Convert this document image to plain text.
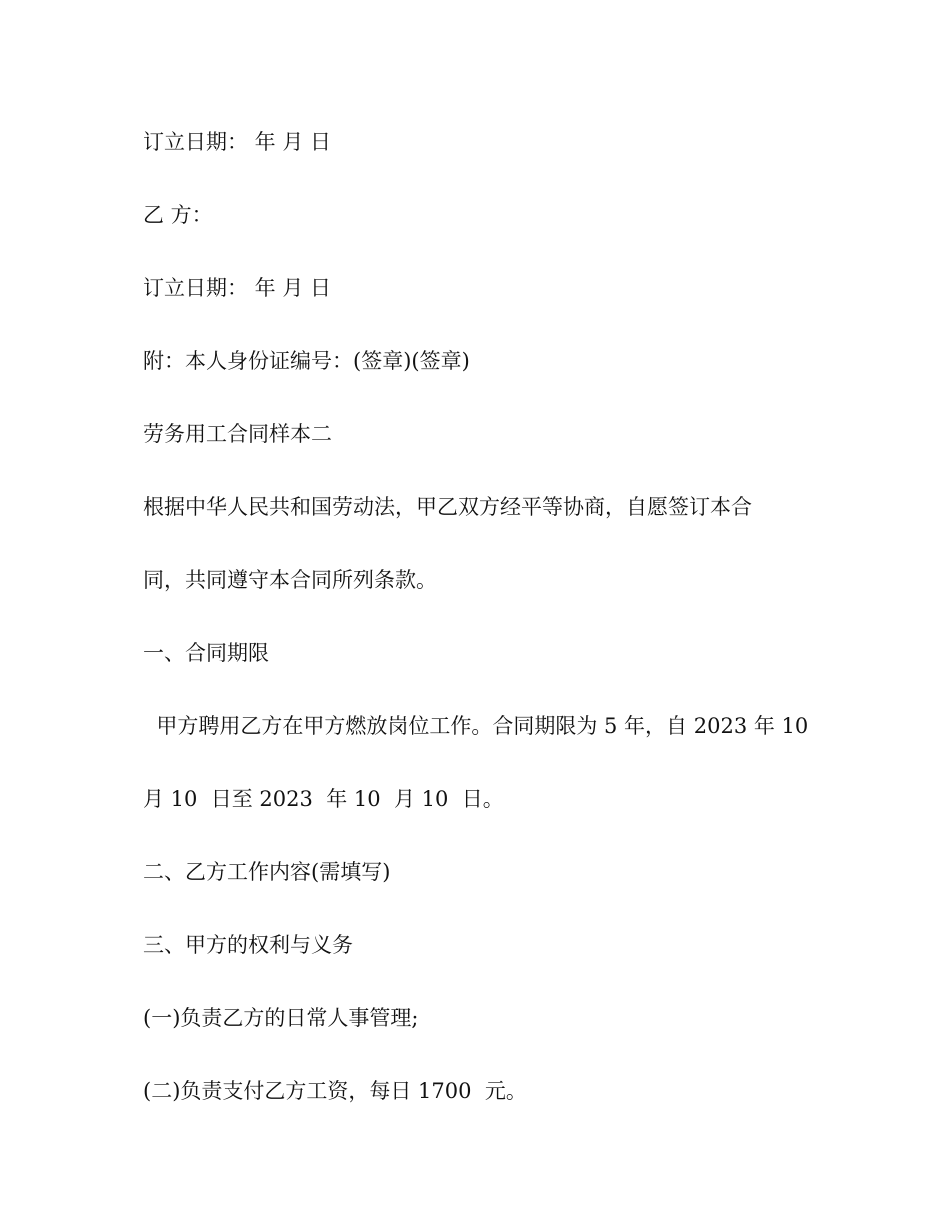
订立日期： 年 月 日

乙 方：

订立日期： 年 月 日

附：本人身份证编号：(签章)(签章)

劳务用工合同样本二

根据中华人民共和国劳动法，甲乙双方经平等协商，自愿签订本合

同，共同遵守本合同所列条款。

一、合同期限

甲方聘用乙方在甲方燃放岗位工作。合同期限为 5 年，自 2023 年 10

月 10  日至 2023  年 10  月 10  日。

二、乙方工作内容(需填写)

三、甲方的权利与义务

(一)负责乙方的日常人事管理;

(二)负责支付乙方工资，每日 1700  元。
